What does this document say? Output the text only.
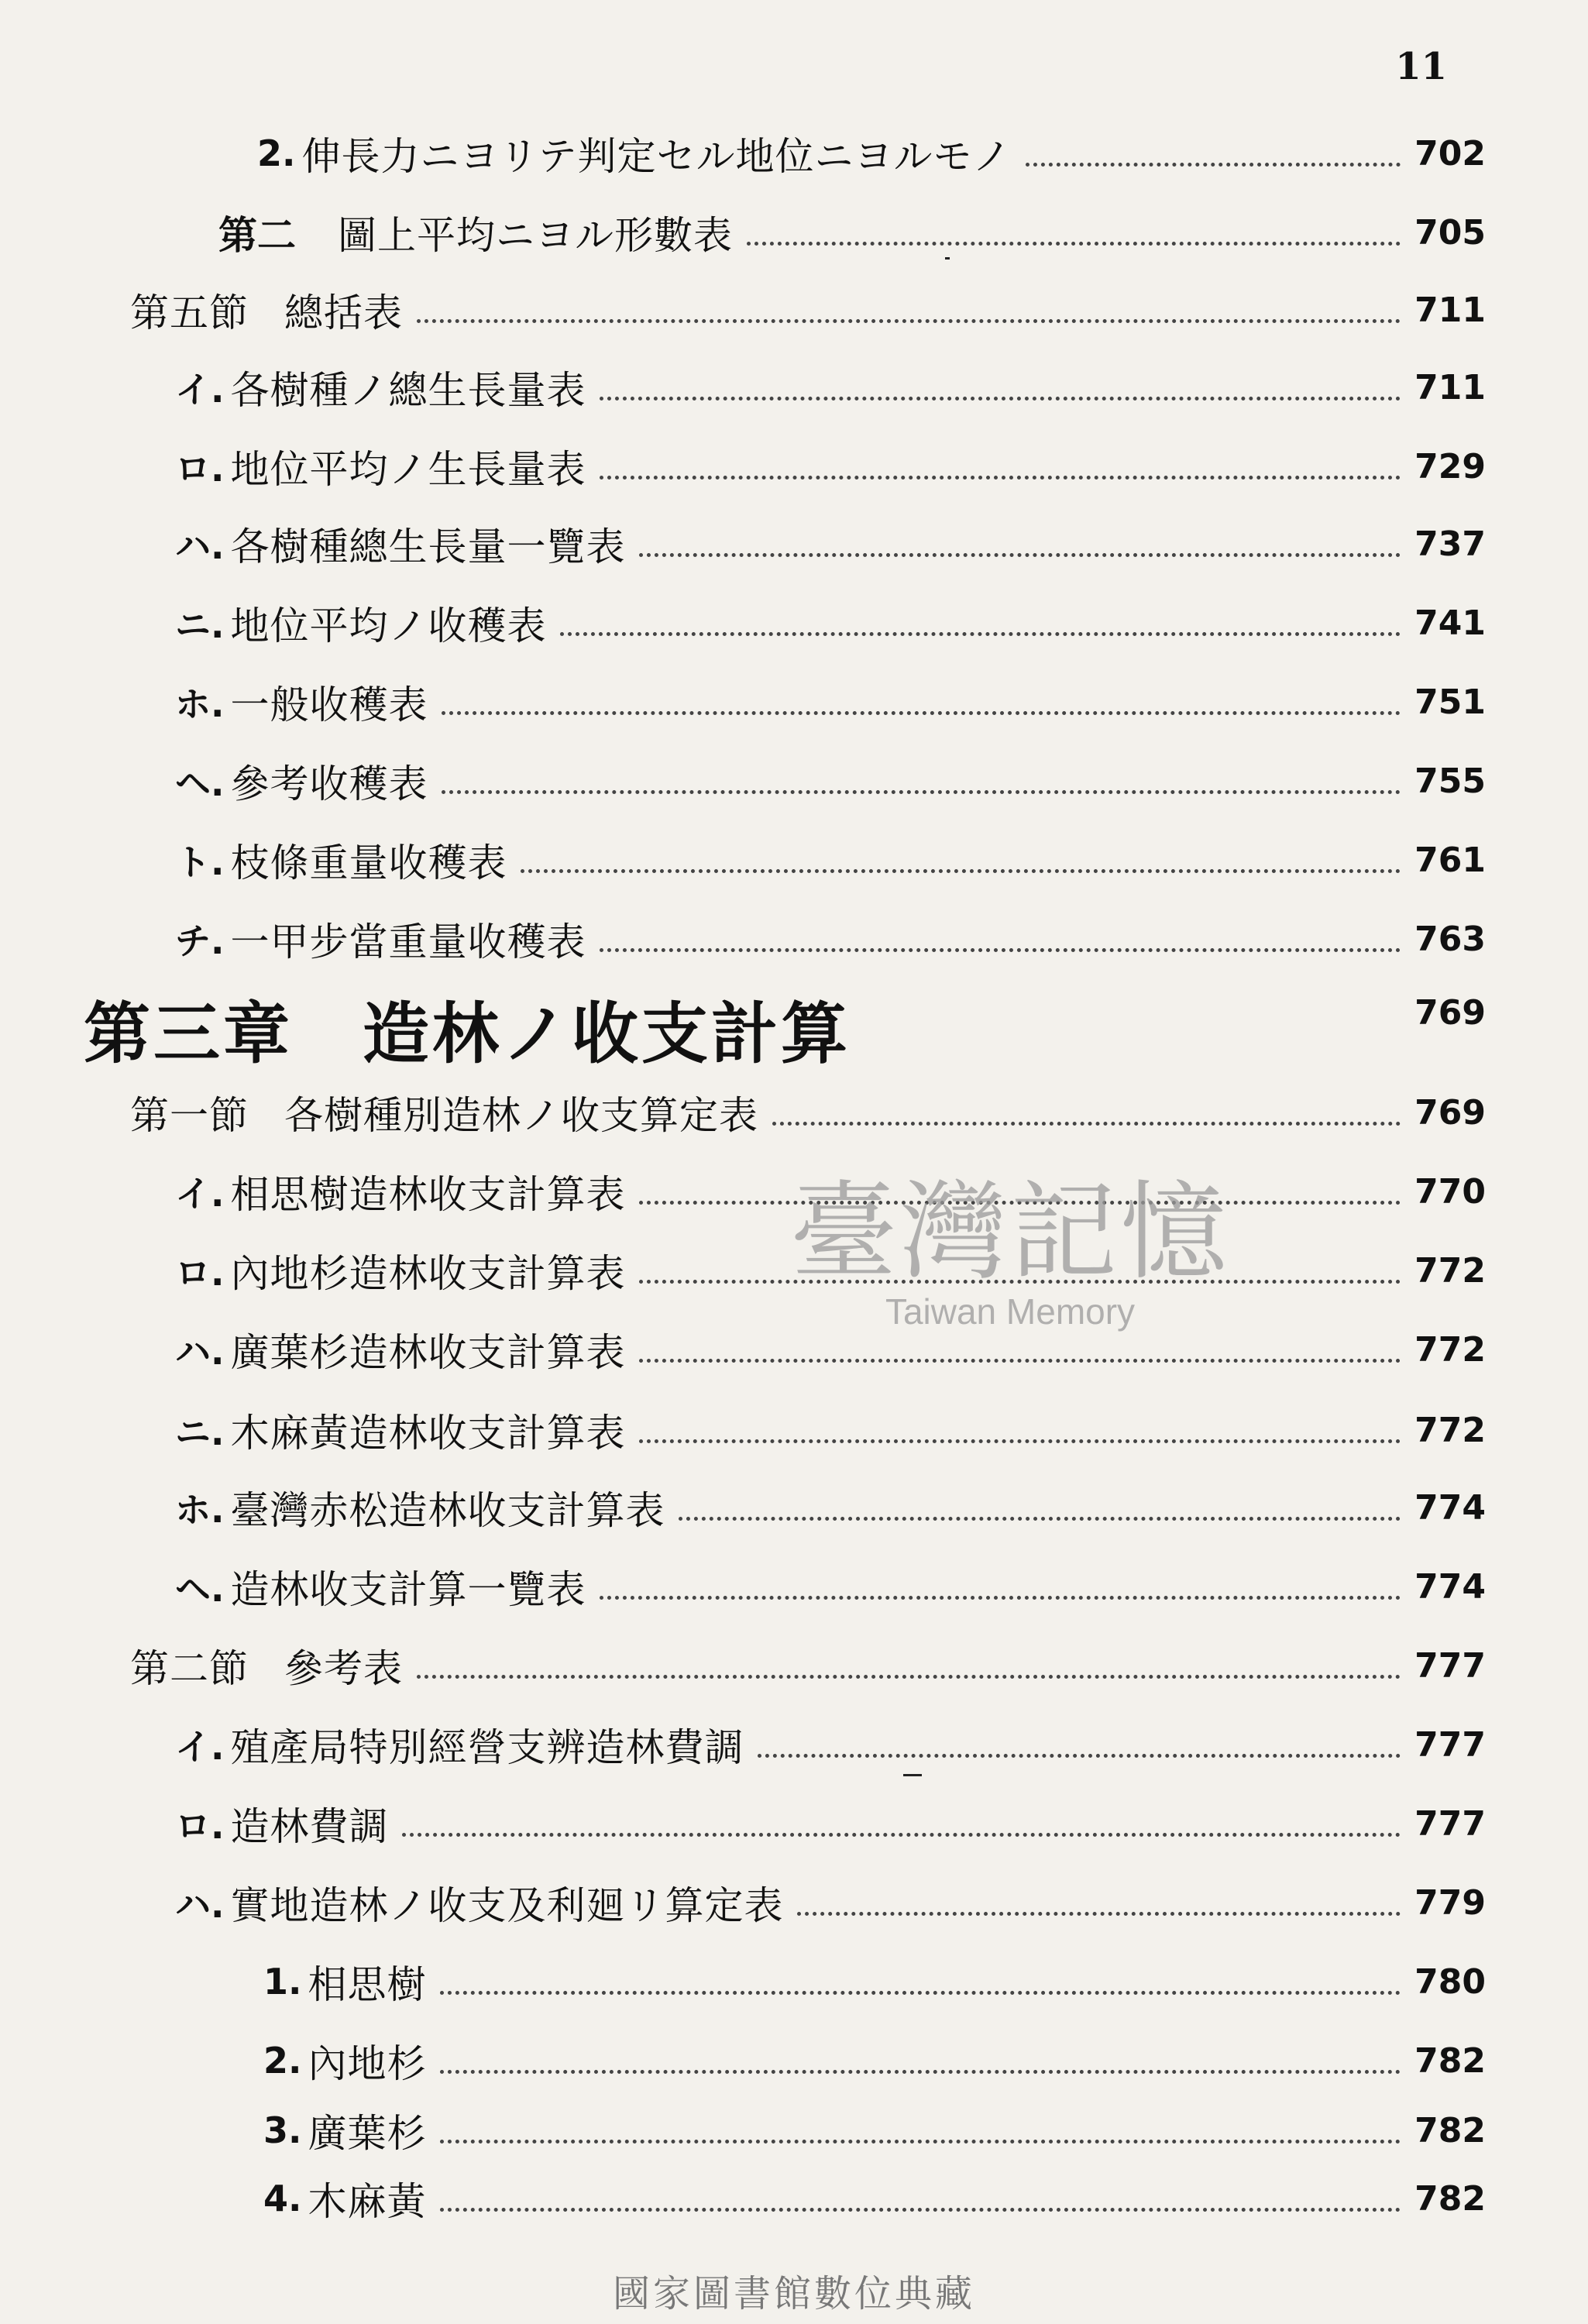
11
2. 伸長力ニヨリテ判定セル地位ニヨルモノ	702
第二 圖上平均ニヨル形數表	705
第五節 總括表	711
イ. 各樹種ノ總生長量表	711
ロ. 地位平均ノ生長量表	729
ハ. 各樹種總生長量一覽表	737
ニ. 地位平均ノ收穫表	741
ホ. 一般收穫表	751
ヘ. 參考收穫表	755
ト. 枝條重量收穫表	761
チ. 一甲步當重量收穫表	763
第三章 造林ノ收支計算	769
第一節 各樹種別造林ノ收支算定表	769
イ. 相思樹造林收支計算表	770
ロ. 內地杉造林收支計算表	772
ハ. 廣葉杉造林收支計算表	772
ニ. 木麻黃造林收支計算表	772
ホ. 臺灣赤松造林收支計算表	774
ヘ. 造林收支計算一覽表	774
第二節 參考表	777
イ. 殖產局特別經營支辨造林費調	777
ロ. 造林費調	777
ハ. 實地造林ノ收支及利廻リ算定表	779
1. 相思樹	780
2. 內地杉	782
3. 廣葉杉	782
4. 木麻黃	782
臺灣記憶
Taiwan Memory
國家圖書館數位典藏
